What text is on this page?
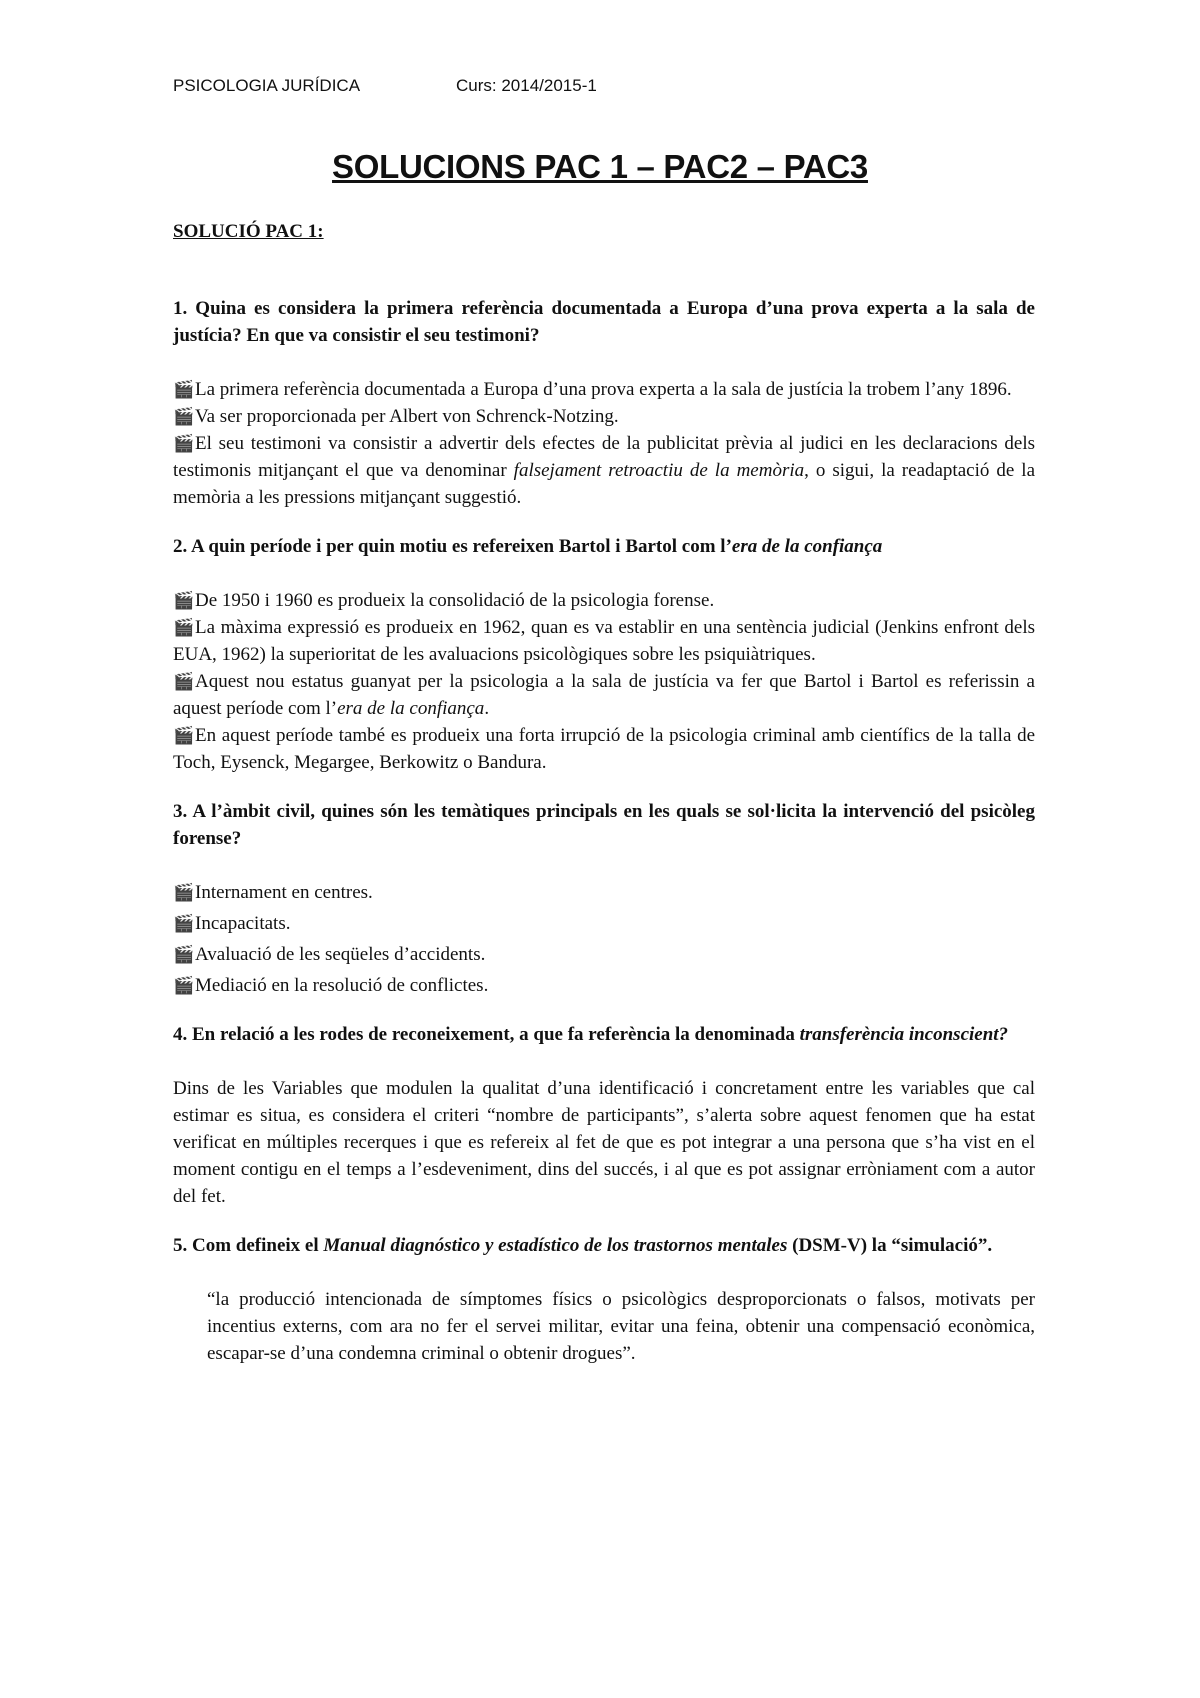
PSICOLOGIA JURÍDICA	Curs: 2014/2015-1
SOLUCIONS PAC 1 – PAC2 – PAC3
SOLUCIÓ PAC 1:
1. Quina es considera la primera referència documentada a Europa d’una prova experta a la sala de justícia? En que va consistir el seu testimoni?

🎬La primera referència documentada a Europa d’una prova experta a la sala de justícia la trobem l’any 1896.

🎬Va ser proporcionada per Albert von Schrenck-Notzing.

🎬El seu testimoni va consistir a advertir dels efectes de la publicitat prèvia al judici en les declaracions dels testimonis mitjançant el que va denominar falsejament retroactiu de la memòria, o sigui, la readaptació de la memòria a les pressions mitjançant suggestió.

2. A quin període i per quin motiu es refereixen Bartol i Bartol com l’era de la confiança

🎬De 1950 i 1960 es produeix la consolidació de la psicologia forense.

🎬La màxima expressió es produeix en 1962, quan es va establir en una sentència judicial (Jenkins enfront dels EUA, 1962) la superioritat de les avaluacions psicològiques sobre les psiquiàtriques.

🎬Aquest nou estatus guanyat per la psicologia a la sala de justícia va fer que Bartol i Bartol es referissin a aquest període com l’era de la confiança.

🎬En aquest període també es produeix una forta irrupció de la psicologia criminal amb científics de la talla de Toch, Eysenck, Megargee, Berkowitz o Bandura.

3. A l’àmbit civil, quines són les temàtiques principals en les quals se sol·licita la intervenció del psicòleg forense?

🎬Internament en centres.

🎬Incapacitats.

🎬Avaluació de les seqüeles d’accidents.

🎬Mediació en la resolució de conflictes.

4. En relació a les rodes de reconeixement, a que fa referència la denominada transferència inconscient?
Dins de les Variables que modulen la qualitat d’una identificació i concretament entre les variables que cal estimar es situa, es considera el criteri “nombre de participants”, s’alerta sobre aquest fenomen que ha estat verificat en múltiples recerques i que es refereix al fet de que es pot integrar a una persona que s’ha vist en el moment contigu en el temps a l’esdeveniment, dins del succés, i al que es pot assignar erròniament com a autor del fet.
5. Com defineix el Manual diagnóstico y estadístico de los trastornos mentales (DSM-V) la “simulació”.
“la producció intencionada de símptomes físics o psicològics desproporcionats o falsos, motivats per incentius externs, com ara no fer el servei militar, evitar una feina, obtenir una compensació econòmica, escapar-se d’una condemna criminal o obtenir drogues”.
